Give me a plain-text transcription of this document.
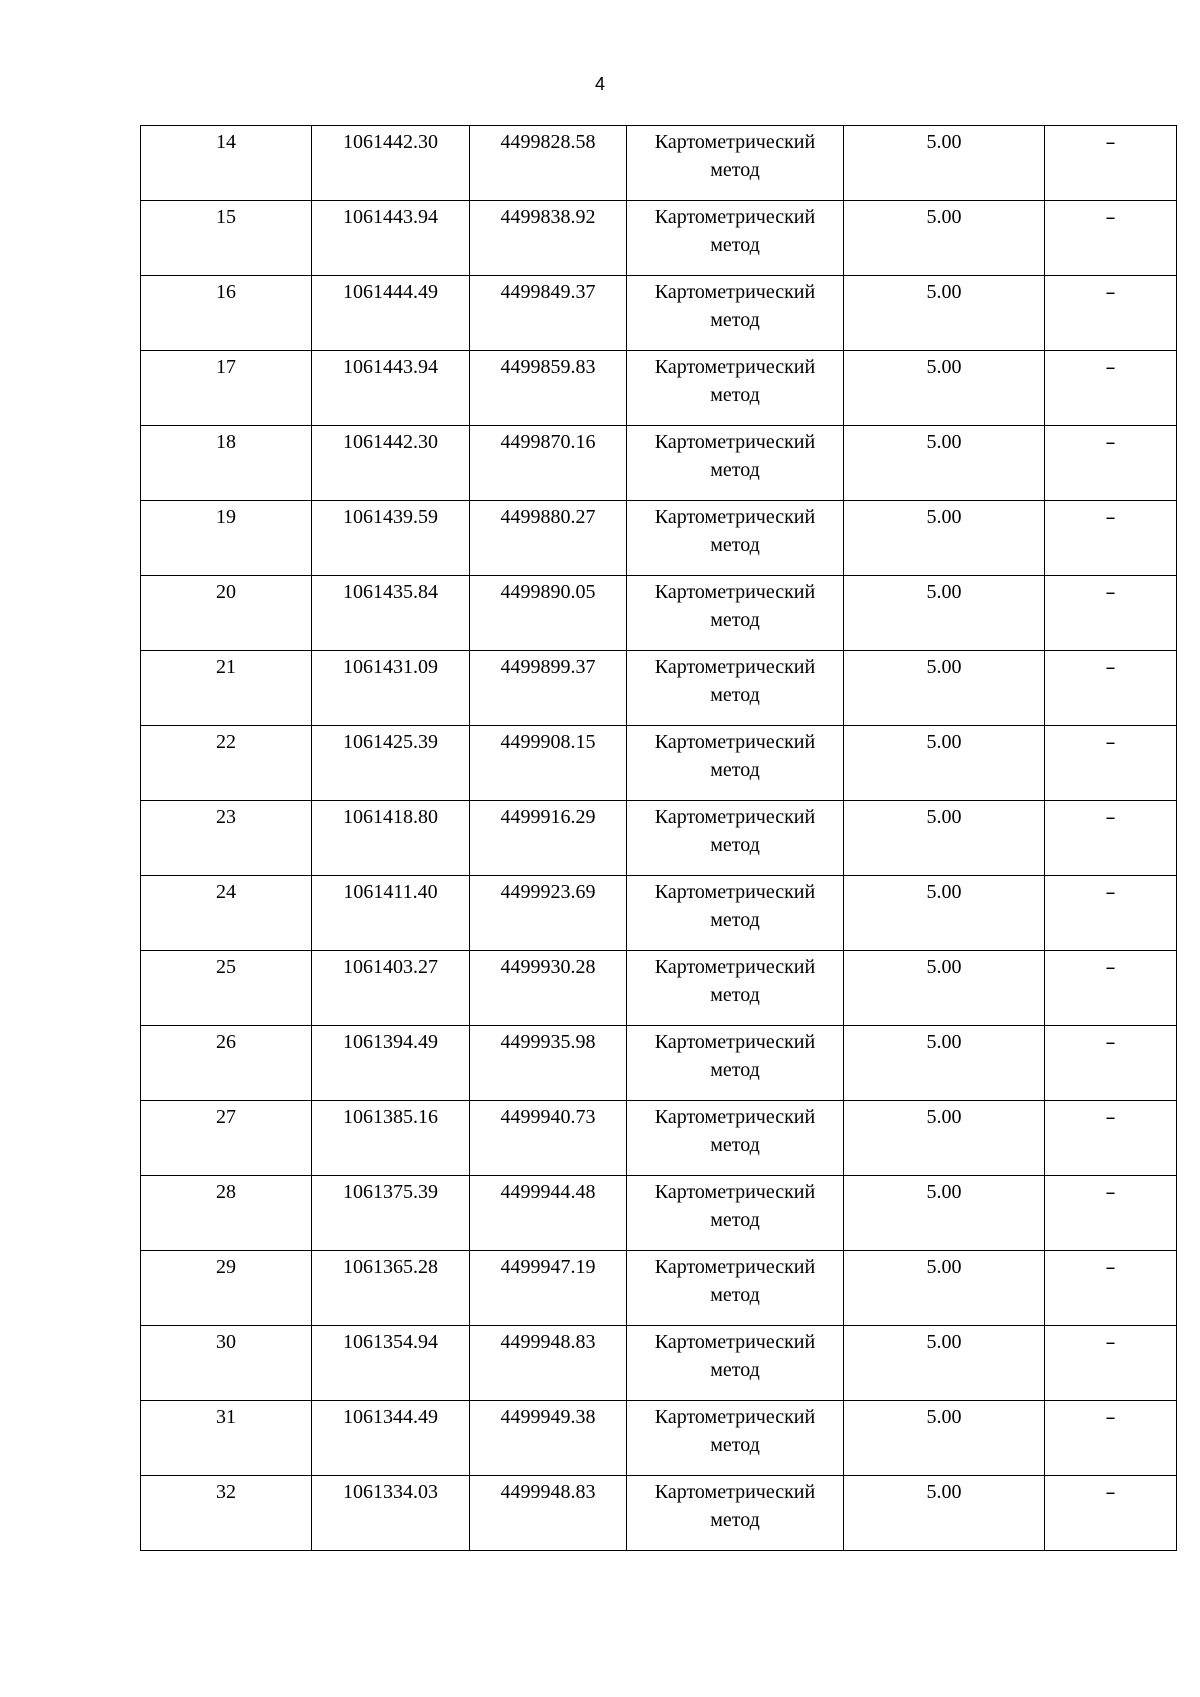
4
14	1061442.30	4499828.58	Картометрический метод	5.00	–
15	1061443.94	4499838.92	Картометрический метод	5.00	–
16	1061444.49	4499849.37	Картометрический метод	5.00	–
17	1061443.94	4499859.83	Картометрический метод	5.00	–
18	1061442.30	4499870.16	Картометрический метод	5.00	–
19	1061439.59	4499880.27	Картометрический метод	5.00	–
20	1061435.84	4499890.05	Картометрический метод	5.00	–
21	1061431.09	4499899.37	Картометрический метод	5.00	–
22	1061425.39	4499908.15	Картометрический метод	5.00	–
23	1061418.80	4499916.29	Картометрический метод	5.00	–
24	1061411.40	4499923.69	Картометрический метод	5.00	–
25	1061403.27	4499930.28	Картометрический метод	5.00	–
26	1061394.49	4499935.98	Картометрический метод	5.00	–
27	1061385.16	4499940.73	Картометрический метод	5.00	–
28	1061375.39	4499944.48	Картометрический метод	5.00	–
29	1061365.28	4499947.19	Картометрический метод	5.00	–
30	1061354.94	4499948.83	Картометрический метод	5.00	–
31	1061344.49	4499949.38	Картометрический метод	5.00	–
32	1061334.03	4499948.83	Картометрический метод	5.00	–
